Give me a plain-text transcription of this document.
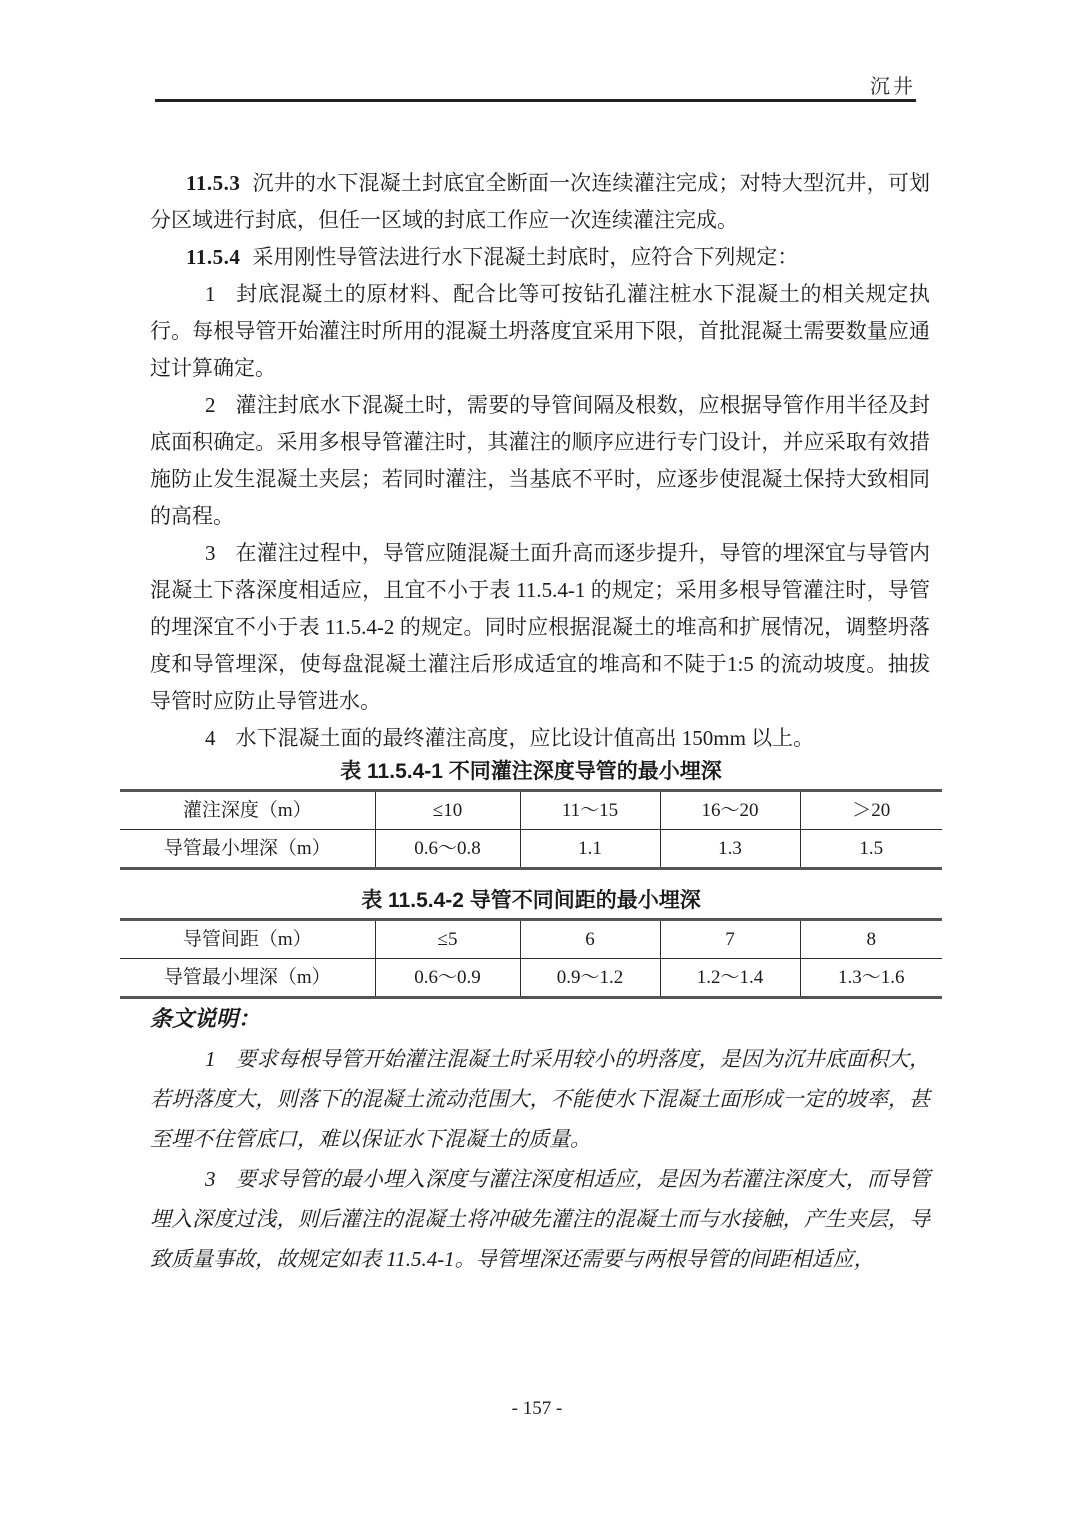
沉井

11.5.3 沉井的水下混凝土封底宜全断面一次连续灌注完成；对特大型沉井，可划分区域进行封底，但任一区域的封底工作应一次连续灌注完成。

11.5.4 采用刚性导管法进行水下混凝土封底时，应符合下列规定：

1 封底混凝土的原材料、配合比等可按钻孔灌注桩水下混凝土的相关规定执行。每根导管开始灌注时所用的混凝土坍落度宜采用下限，首批混凝土需要数量应通过计算确定。

2 灌注封底水下混凝土时，需要的导管间隔及根数，应根据导管作用半径及封底面积确定。采用多根导管灌注时，其灌注的顺序应进行专门设计，并应采取有效措施防止发生混凝土夹层；若同时灌注，当基底不平时，应逐步使混凝土保持大致相同的高程。

3 在灌注过程中，导管应随混凝土面升高而逐步提升，导管的埋深宜与导管内混凝土下落深度相适应，且宜不小于表 11.5.4-1 的规定；采用多根导管灌注时，导管的埋深宜不小于表 11.5.4-2 的规定。同时应根据混凝土的堆高和扩展情况，调整坍落度和导管埋深，使每盘混凝土灌注后形成适宜的堆高和不陡于1:5 的流动坡度。抽拔导管时应防止导管进水。

4 水下混凝土面的最终灌注高度，应比设计值高出 150mm 以上。

表 11.5.4-1 不同灌注深度导管的最小埋深

灌注深度（m）	≤10	11～15	16～20	＞20
导管最小埋深（m）	0.6～0.8	1.1	1.3	1.5

表 11.5.4-2 导管不同间距的最小埋深

导管间距（m）	≤5	6	7	8
导管最小埋深（m）	0.6～0.9	0.9～1.2	1.2～1.4	1.3～1.6

条文说明：

1 要求每根导管开始灌注混凝土时采用较小的坍落度，是因为沉井底面积大，若坍落度大，则落下的混凝土流动范围大，不能使水下混凝土面形成一定的坡率，甚至埋不住管底口，难以保证水下混凝土的质量。

3 要求导管的最小埋入深度与灌注深度相适应，是因为若灌注深度大，而导管埋入深度过浅，则后灌注的混凝土将冲破先灌注的混凝土而与水接触，产生夹层，导致质量事故，故规定如表 11.5.4-1。导管埋深还需要与两根导管的间距相适应，

- 157 -
